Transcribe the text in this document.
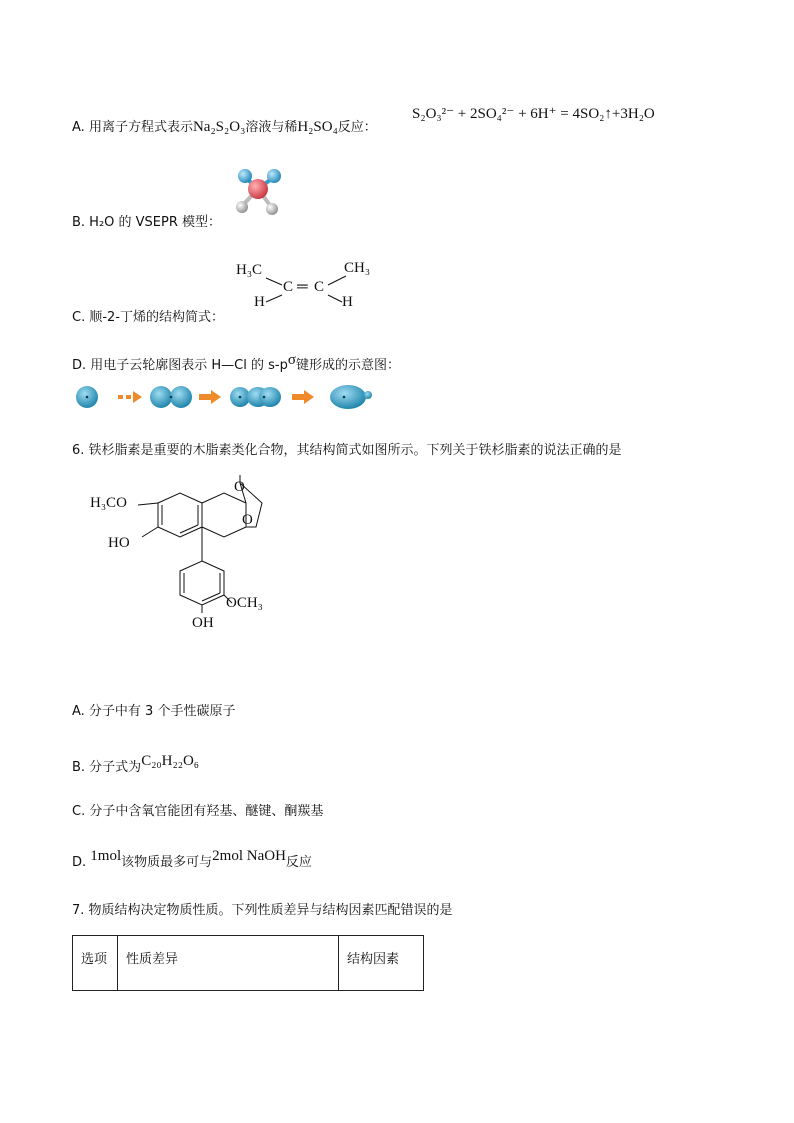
A. 用离子方程式表示Na₂S₂O₃溶液与稀H₂SO₄反应：
S₂O₃²⁻ + 2SO₄²⁻ + 6H⁺ = 4SO₂↑+3H₂O
B. H₂O 的 VSEPR 模型：
C. 顺-2-丁烯的结构简式：
H₃C	CH₃
C ═ C
H	H
D. 用电子云轮廓图表示 H—Cl 的 s-pσ键形成的示意图：
6. 铁杉脂素是重要的木脂素类化合物，其结构简式如图所示。下列关于铁杉脂素的说法正确的是
H₃CO
HO
O
O
OCH₃
OH
A. 分子中有 3 个手性碳原子
B. 分子式为C₂₀H₂₂O₆
C. 分子中含氧官能团有羟基、醚键、酮羰基
D. 1mol该物质最多可与2mol NaOH反应
7. 物质结构决定物质性质。下列性质差异与结构因素匹配错误的是
选项	性质差异	结构因素
